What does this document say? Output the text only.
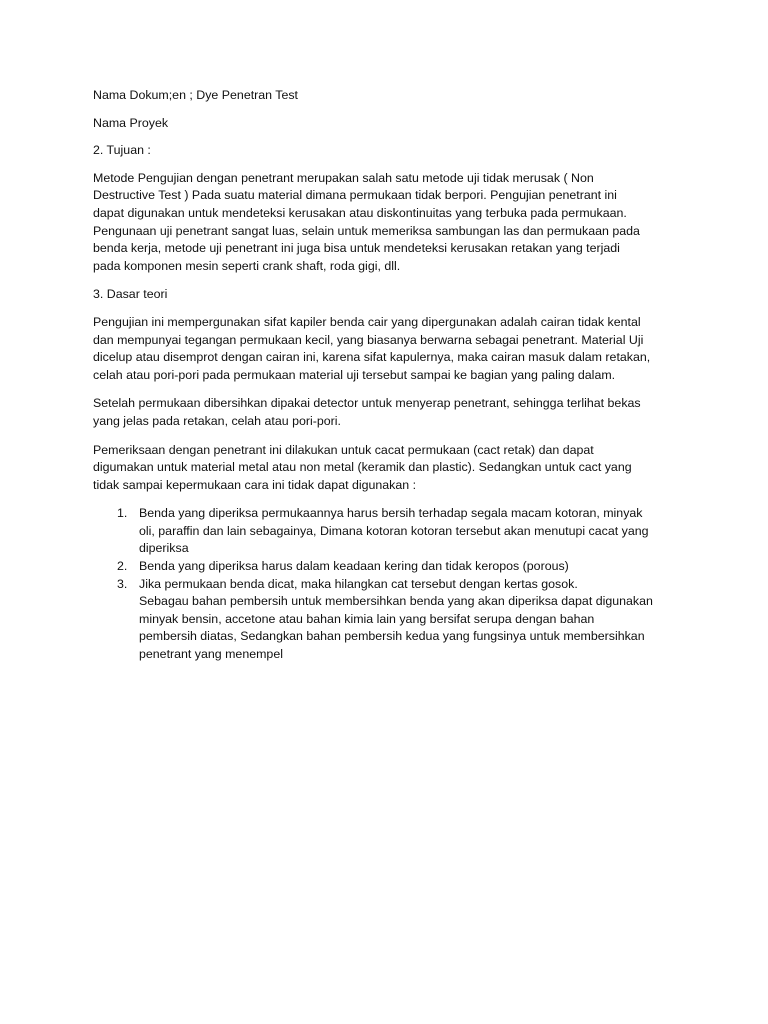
Nama Dokum;en ; Dye Penetran Test

Nama Proyek

2. Tujuan :

Metode Pengujian dengan penetrant merupakan salah satu metode uji tidak merusak ( Non
Destructive Test ) Pada suatu material dimana permukaan tidak berpori. Pengujian penetrant ini
dapat digunakan untuk mendeteksi kerusakan atau diskontinuitas yang terbuka pada permukaan.
Pengunaan uji penetrant sangat luas, selain untuk memeriksa sambungan las dan permukaan pada
benda kerja, metode uji penetrant ini juga bisa untuk mendeteksi kerusakan retakan yang terjadi
pada komponen mesin seperti crank shaft, roda gigi, dll.

3. Dasar teori

Pengujian ini mempergunakan sifat kapiler benda cair yang dipergunakan adalah cairan tidak kental
dan mempunyai tegangan permukaan kecil, yang biasanya berwarna sebagai penetrant. Material Uji
dicelup atau disemprot dengan cairan ini, karena sifat kapulernya, maka cairan masuk dalam retakan,
celah atau pori-pori pada permukaan material uji tersebut sampai ke bagian yang paling dalam.
Setelah permukaan dibersihkan dipakai detector untuk menyerap penetrant, sehingga terlihat bekas
yang jelas pada retakan, celah atau pori-pori.
Pemeriksaan dengan penetrant ini dilakukan untuk cacat permukaan (cact retak) dan dapat
digumakan untuk material metal atau non metal (keramik dan plastic). Sedangkan untuk cact yang
tidak sampai kepermukaan cara ini tidak dapat digunakan :
1. Benda yang diperiksa permukaannya harus bersih terhadap segala macam kotoran, minyak
oli, paraffin dan lain sebagainya, Dimana kotoran kotoran tersebut akan menutupi cacat yang
diperiksa
2. Benda yang diperiksa harus dalam keadaan kering dan tidak keropos (porous)
3. Jika permukaan benda dicat, maka hilangkan cat tersebut dengan kertas gosok.
Sebagau bahan pembersih untuk membersihkan benda yang akan diperiksa dapat digunakan
minyak bensin, accetone atau bahan kimia lain yang bersifat serupa dengan bahan
pembersih diatas, Sedangkan bahan pembersih kedua yang fungsinya untuk membersihkan
penetrant yang menempel
